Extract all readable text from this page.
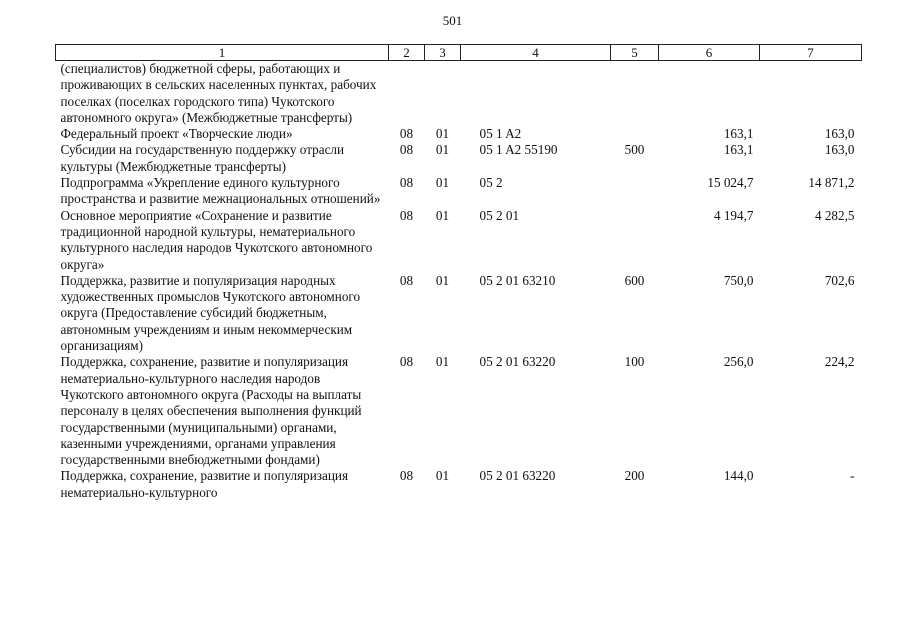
501
1	2	3	4	5	6	7
(специалистов) бюджетной сферы, работающих и проживающих в сельских населенных пунктах, рабочих поселках (поселках городского типа) Чукотского автономного округа» (Межбюджетные трансферты)						
Федеральный проект «Творческие люди»	08	01	05 1 A2		163,1	163,0
Субсидии на государственную поддержку отрасли культуры (Межбюджетные трансферты)	08	01	05 1 A2 55190	500	163,1	163,0
Подпрограмма «Укрепление единого культурного пространства и развитие межнациональных отношений»	08	01	05 2		15 024,7	14 871,2
Основное мероприятие «Сохранение и развитие традиционной народной культуры, нематериального культурного наследия народов Чукотского автономного округа»	08	01	05 2 01		4 194,7	4 282,5
Поддержка, развитие и популяризация народных художественных промыслов Чукотского автономного округа (Предоставление субсидий бюджетным, автономным учреждениям и иным некоммерческим организациям)	08	01	05 2 01 63210	600	750,0	702,6
Поддержка, сохранение, развитие и популяризация нематериально-культурного наследия народов Чукотского автономного округа (Расходы на выплаты персоналу в целях обеспечения выполнения функций государственными (муниципальными) органами, казенными учреждениями, органами управления государственными внебюджетными фондами)	08	01	05 2 01 63220	100	256,0	224,2
Поддержка, сохранение, развитие и популяризация нематериально-культурного	08	01	05 2 01 63220	200	144,0	-
